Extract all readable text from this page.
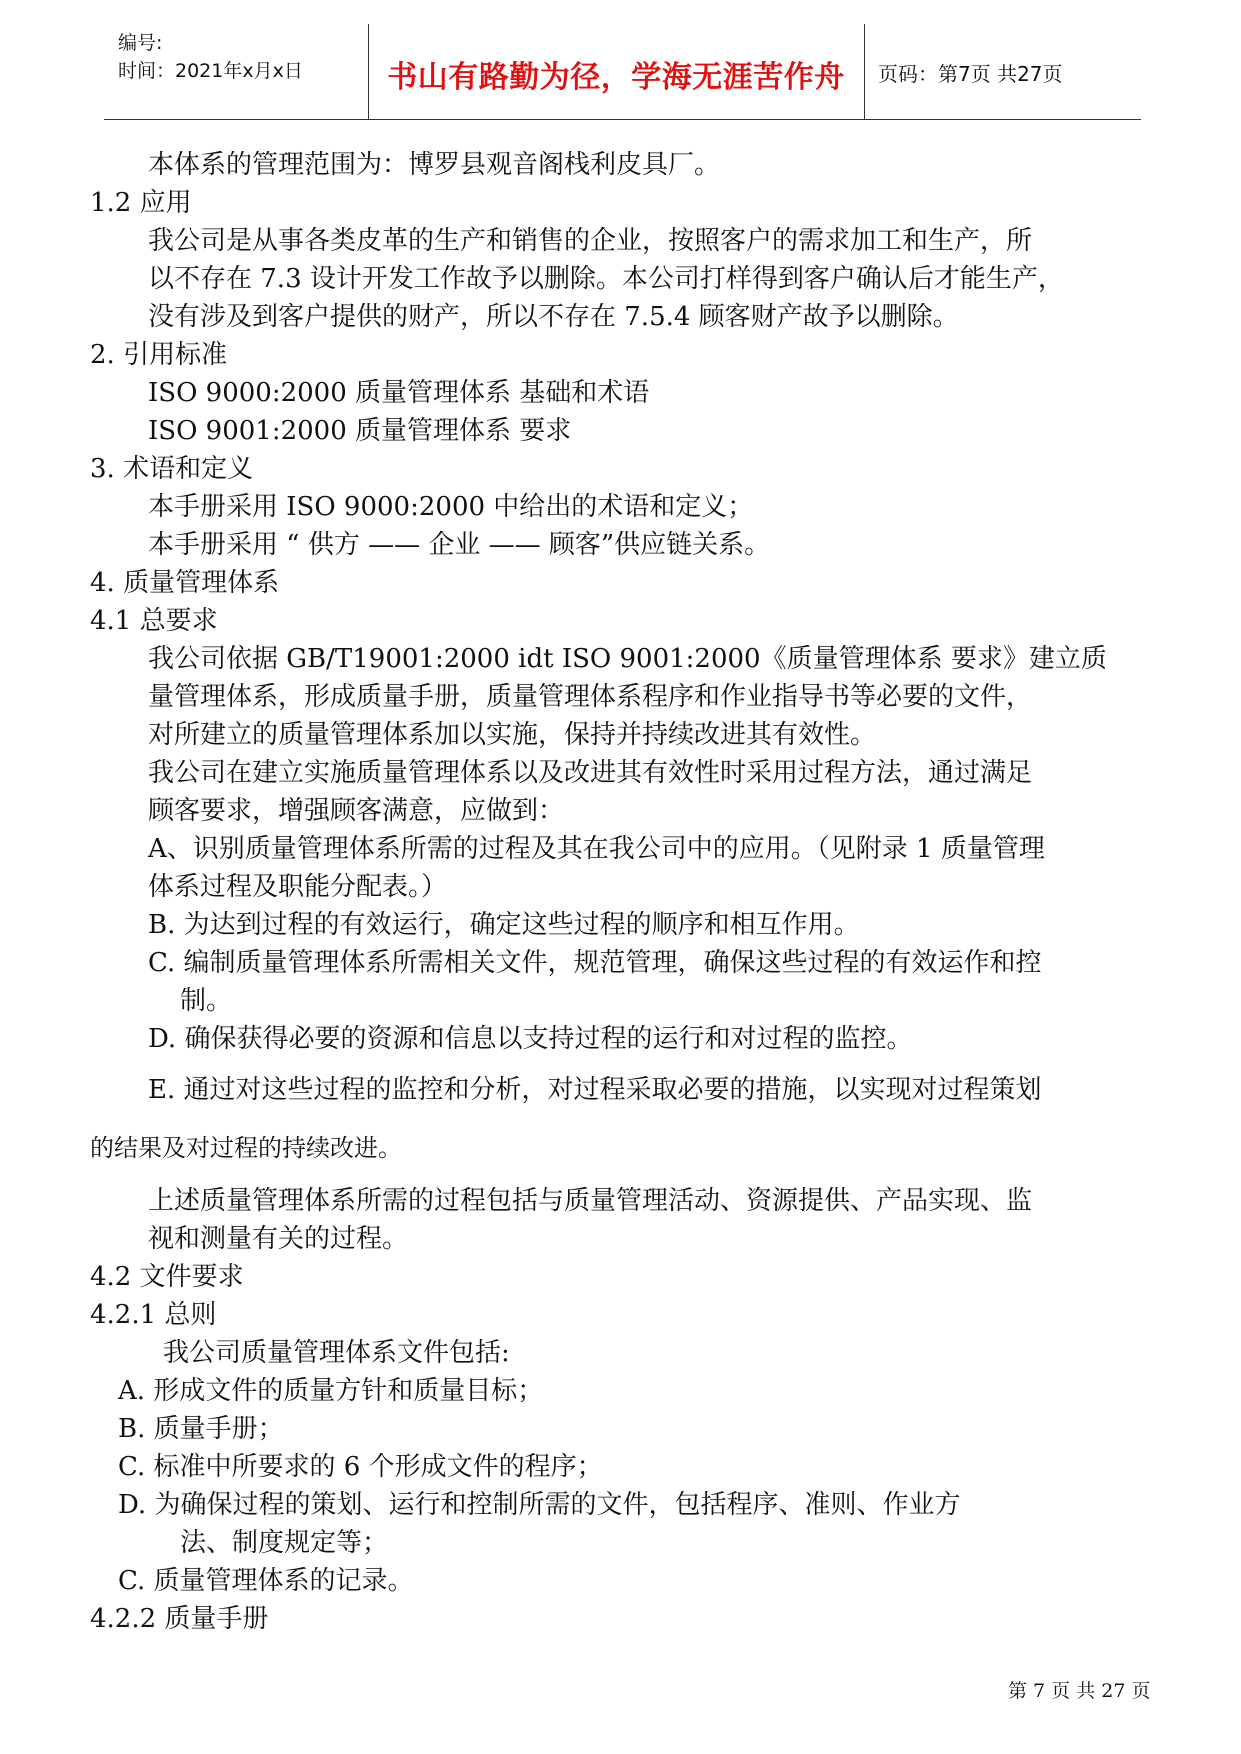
编号:
时间：2021年x月x日	书山有路勤为径，学海无涯苦作舟	页码：第7页 共27页
本体系的管理范围为：博罗县观音阁栈利皮具厂。
1.2 应用
我公司是从事各类皮革的生产和销售的企业，按照客户的需求加工和生产，所
以不存在 7.3 设计开发工作故予以删除。本公司打样得到客户确认后才能生产，
没有涉及到客户提供的财产，所以不存在 7.5.4 顾客财产故予以删除。
2. 引用标准
ISO 9000:2000 质量管理体系 基础和术语
ISO 9001:2000 质量管理体系 要求
3. 术语和定义
本手册采用 ISO 9000:2000 中给出的术语和定义；
本手册采用 “ 供方 —— 企业 —— 顾客”供应链关系。
4. 质量管理体系
4.1 总要求
我公司依据 GB/T19001:2000 idt ISO 9001:2000《质量管理体系 要求》建立质
量管理体系，形成质量手册，质量管理体系程序和作业指导书等必要的文件，
对所建立的质量管理体系加以实施，保持并持续改进其有效性。
我公司在建立实施质量管理体系以及改进其有效性时采用过程方法，通过满足
顾客要求，增强顾客满意，应做到：
A、识别质量管理体系所需的过程及其在我公司中的应用。（见附录 1 质量管理
体系过程及职能分配表。）
B. 为达到过程的有效运行，确定这些过程的顺序和相互作用。
C. 编制质量管理体系所需相关文件，规范管理，确保这些过程的有效运作和控
制。
D. 确保获得必要的资源和信息以支持过程的运行和对过程的监控。
E. 通过对这些过程的监控和分析，对过程采取必要的措施，以实现对过程策划
的结果及对过程的持续改进。
上述质量管理体系所需的过程包括与质量管理活动、资源提供、产品实现、监
视和测量有关的过程。
4.2 文件要求
4.2.1 总则
我公司质量管理体系文件包括:
A. 形成文件的质量方针和质量目标；
B. 质量手册；
C. 标准中所要求的 6 个形成文件的程序；
D. 为确保过程的策划、运行和控制所需的文件，包括程序、准则、作业方
法、制度规定等；
C. 质量管理体系的记录。
4.2.2 质量手册
第 7 页 共 27 页
